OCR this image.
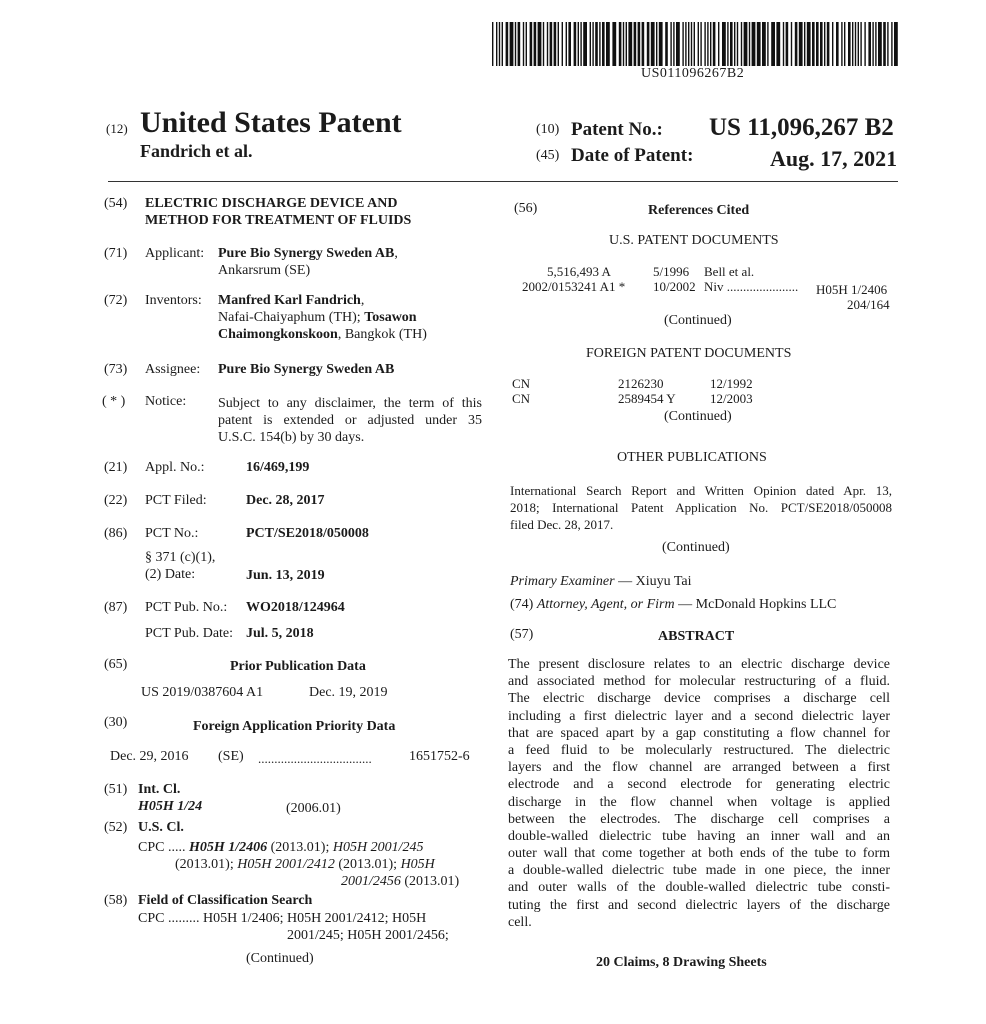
US011096267B2
(12) United States Patent
Fandrich et al.
(10) Patent No.: US 11,096,267 B2
(45) Date of Patent:	Aug. 17, 2021
(54) ELECTRIC DISCHARGE DEVICE AND
METHOD FOR TREATMENT OF FLUIDS
(71) Applicant: Pure Bio Synergy Sweden AB,
Ankarsrum (SE)
(72) Inventors: Manfred Karl Fandrich,
Nafai-Chaiyaphum (TH); Tosawon
Chaimongkonskoon, Bangkok (TH)
(73) Assignee: Pure Bio Synergy Sweden AB
( * ) Notice: Subject to any disclaimer, the term of this
patent is extended or adjusted under 35
U.S.C. 154(b) by 30 days.
(21) Appl. No.:	16/469,199
(22) PCT Filed:	Dec. 28, 2017
(86) PCT No.:	PCT/SE2018/050008
§ 371 (c)(1),
(2) Date:	Jun. 13, 2019
(87) PCT Pub. No.: WO2018/124964
PCT Pub. Date: Jul. 5, 2018
(65)	Prior Publication Data
US 2019/0387604 A1	Dec. 19, 2019
(30)	Foreign Application Priority Data
Dec. 29, 2016 (SE) ...................................	1651752-6
(51) Int. Cl.
H05H 1/24	(2006.01)
(52) U.S. Cl.
CPC ..... H05H 1/2406 (2013.01); H05H 2001/245
(2013.01); H05H 2001/2412 (2013.01); H05H
2001/2456 (2013.01)
(58) Field of Classification Search
CPC ......... H05H 1/2406; H05H 2001/2412; H05H
2001/245; H05H 2001/2456;
(Continued)
(56)	References Cited
U.S. PATENT DOCUMENTS
5,516,493 A	5/1996 Bell et al.
2002/0153241 A1 * 10/2002 Niv ...................... H05H 1/2406
204/164
(Continued)
FOREIGN PATENT DOCUMENTS
CN	2126230	12/1992
CN	2589454 Y	12/2003
(Continued)
OTHER PUBLICATIONS
International Search Report and Written Opinion dated Apr. 13,
2018; International Patent Application No. PCT/SE2018/050008
filed Dec. 28, 2017.
(Continued)
Primary Examiner — Xiuyu Tai
(74) Attorney, Agent, or Firm — McDonald Hopkins LLC
(57)	ABSTRACT
The present disclosure relates to an electric discharge device
and associated method for molecular restructuring of a fluid.
The electric discharge device comprises a discharge cell
including a first dielectric layer and a second dielectric layer
that are spaced apart by a gap constituting a flow channel for
a feed fluid to be molecularly restructured. The dielectric
layers and the flow channel are arranged between a first
electrode and a second electrode for generating electric
discharge in the flow channel when voltage is applied
between the electrodes. The discharge cell comprises a
double-walled dielectric tube having an inner wall and an
outer wall that come together at both ends of the tube to form
a double-walled dielectric tube made in one piece, the inner
and outer walls of the double-walled dielectric tube consti-
tuting the first and second dielectric layers of the discharge
cell.
20 Claims, 8 Drawing Sheets
